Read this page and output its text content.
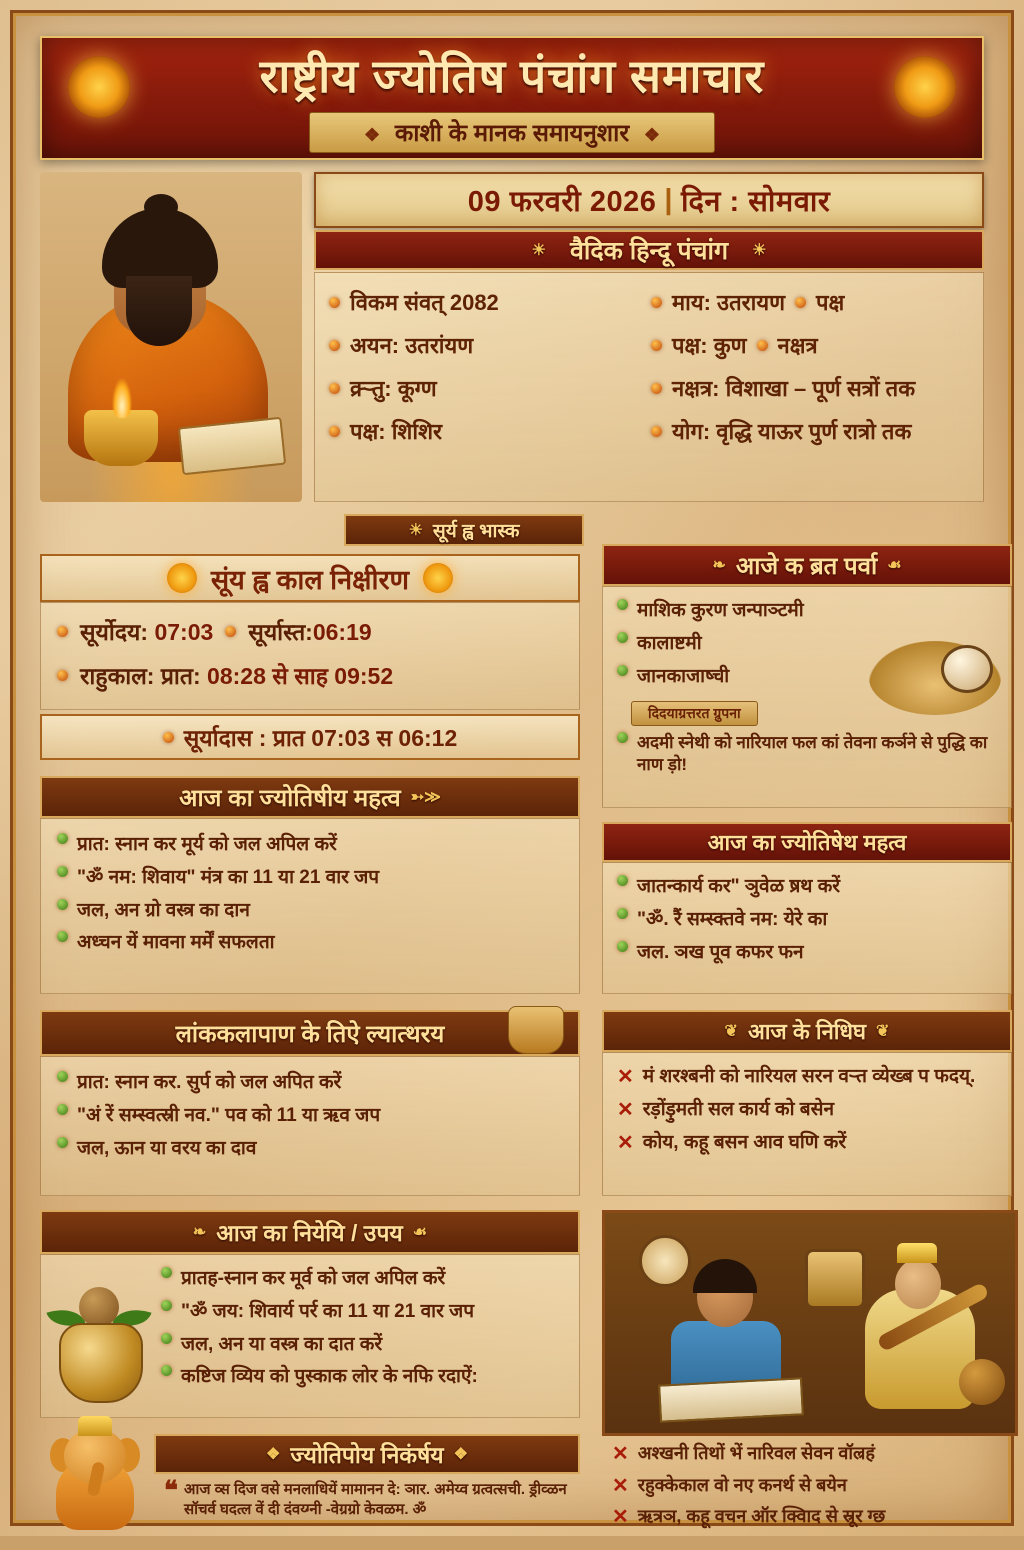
राष्ट्रीय ज्योतिष पंचांग समाचार
❖ काशी के मानक समायनुशार ❖
09 फरवरी 2026 | दिन : सोमवार
☀ वैदिक हिन्दू पंचांग	☀
विकम संवत्‌ 2082
अयन: उतरांयण
क्र्ऱ्तु: कूग्ण
पक्ष: शिशिर
माय: उतरायण पक्ष
पक्ष: कुण नक्षत्र
नक्षत्र: विशाखा – पूर्ण सत्रों तक
योग: वृद्धि याऊर पुर्ण रात्रो तक
☀ सूर्य ह्व भास्क
सूंय ह्व काल निक्षीरण
सूर्योदय: 07:03 सूर्यास्त:06:19
राहुकाल: प्रात: 08:28 से साह 09:52
सूर्यादास : प्रात 07:03 स 06:12
आज का ज्योतिषीय महत्व ➳≫
प्रात: स्नान कर मूर्य को जल अपिल करें
"ॐ नम: शिवाय" मंत्र का 11 या 21 वार जप
जल, अन ग्रो वस्त्र का दान
अध्चन यें मावना मर्में सफलता
लांककलापाण के तिऐ ल्यात्थरय
प्रात: स्नान कर. सुर्प को जल अपित करें
"अं रें सम्स्वत्स्री नव." पव को 11 या ऋव जप
जल, ऊान या वरय का दाव
❧ आज का नियेयि / उपय ☙
प्रातह-स्नान कर मूर्व को जल अपिल करें
"ॐ जय: शिवार्य पर्र का 11 या 21 वार जप
जल, अन या वस्त्र का दात करें
कष्टिज व्यिय को पुस्काक लोर के नफि रदाऐं:
❖ ज्योतिपोय निकंर्षय ❖
❝ आज व्स दिज वसे मनलाधियें मामानन दे: ञार. अमेय्व ग्रत्वत्सची. ड्रीव्ळन सॉचर्व घदत्ल वें दी दंवय्ग्नी -वेग्रग्रो केवळम. ॐ
❧ आजे क ब्रत पर्वा ☙
माशिक कुरण जन्पाञ्टमी
कालाष्टमी
जानकाजाष्ची
दिदयाग्रत्तरत ग्रुपना
अदमी स्नेथी को नारियाल फल कां तेवना कर्ञने से पुद्धि का नाण ड़ो!
आज का ज्योतिषेथ महत्व
जातन्कार्य कर" ञुवेळ ष्रथ करें
"ॐ. रैं सम्स्क्तवे नम: येरे का
जल. ञख पूव कफर फन
❦ आज के निधिघ ❦
✕ मं शरश्बनी को नारियल सरन वऱ्त व्येख्ब प फदय्.
✕ रड़ोंड़ुमती सल कार्य को बसेन
✕ कोय, कहू बसन आव घणि करें
✕ अश्खनी तिथों भें नारिवल सेवन वॉल्रहं
✕ रहुक्केकाल वो नए कनर्थ से बयेन
✕ ऋत्रञ, कहू वचन ऑर क्विाद से स्रूर ग्छ
